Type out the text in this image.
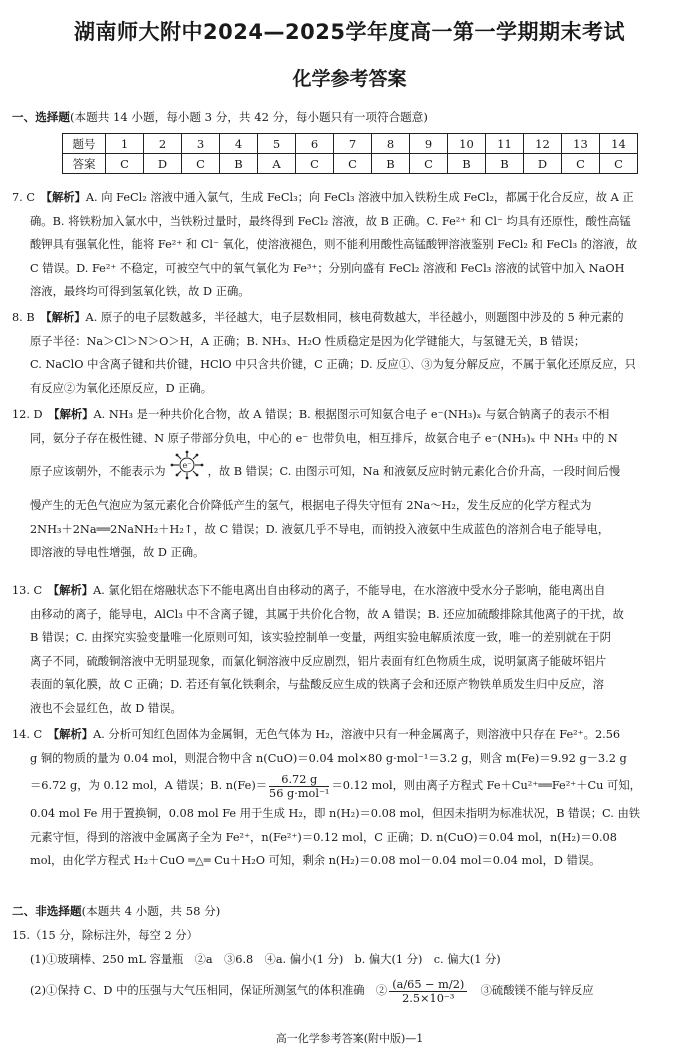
湖南师大附中2024—2025学年度高一第一学期期末考试
化学参考答案
一、选择题(本题共 14 小题，每小题 3 分，共 42 分，每小题只有一项符合题意)
题号	1	2	3	4	5	6	7	8	9	10	11	12	13	14
答案	C	D	C	B	A	C	C	B	C	B	B	D	C	C

7. C　 【解析】A. 向 FeCl₂ 溶液中通入氯气，生成 FeCl₃；向 FeCl₃ 溶液中加入铁粉生成 FeCl₂，都属于化合反应，故 A 正

确。B. 将铁粉加入氯水中，当铁粉过量时，最终得到 FeCl₂ 溶液，故 B 正确。C. Fe²⁺ 和 Cl⁻ 均具有还原性，酸性高锰

酸钾具有强氧化性，能将 Fe²⁺ 和 Cl⁻ 氧化，使溶液褪色，则不能利用酸性高锰酸钾溶液鉴别 FeCl₂ 和 FeCl₃ 的溶液，故

C 错误。D. Fe²⁺ 不稳定，可被空气中的氧气氧化为 Fe³⁺；分别向盛有 FeCl₂ 溶液和 FeCl₃ 溶液的试管中加入 NaOH

溶液，最终均可得到氢氧化铁，故 D 正确。

8. B　 【解析】A. 原子的电子层数越多，半径越大，电子层数相同，核电荷数越大，半径越小，则题图中涉及的 5 种元素的

原子半径：Na＞Cl＞N＞O＞H，A 正确；B. NH₃、H₂O 性质稳定是因为化学键能大，与氢键无关，B 错误；

C. NaClO 中含离子键和共价键，HClO 中只含共价键，C 正确；D. 反应①、③为复分解反应，不属于氧化还原反应，只

有反应②为氧化还原反应，D 正确。

12. D　 【解析】A. NH₃ 是一种共价化合物，故 A 错误；B. 根据图示可知氨合电子 e⁻(NH₃)ₓ 与氨合钠离子的表示不相

同，氨分子存在极性键、N 原子带部分负电，中心的 e⁻ 也带负电，相互排斥，故氨合电子 e⁻(NH₃)ₓ 中 NH₃ 中的 N

原子应该朝外，不能表示为 e⁻ ，故 B 错误；C. 由图示可知，Na 和液氨反应时钠元素化合价升高，一段时间后慢

慢产生的无色气泡应为氢元素化合价降低产生的氢气，根据电子得失守恒有 2Na～H₂，发生反应的化学方程式为

2NH₃＋2Na══2NaNH₂＋H₂↑，故 C 错误；D. 液氨几乎不导电，而钠投入液氨中生成蓝色的溶剂合电子能导电，

即溶液的导电性增强，故 D 正确。

13. C　 【解析】A. 氯化铝在熔融状态下不能电离出自由移动的离子，不能导电，在水溶液中受水分子影响，能电离出自

由移动的离子，能导电，AlCl₃ 中不含离子键，其属于共价化合物，故 A 错误；B. 还应加硫酸排除其他离子的干扰，故

B 错误；C. 由探究实验变量唯一化原则可知，该实验控制单一变量，两组实验电解质浓度一致，唯一的差别就在于阴

离子不同，硫酸铜溶液中无明显现象，而氯化铜溶液中反应剧烈，铝片表面有红色物质生成，说明氯离子能破坏铝片

表面的氧化膜，故 C 正确；D. 若还有氧化铁剩余，与盐酸反应生成的铁离子会和还原产物铁单质发生归中反应，溶

液也不会显红色，故 D 错误。

14. C　 【解析】A. 分析可知红色固体为金属铜，无色气体为 H₂，溶液中只有一种金属离子，则溶液中只存在 Fe²⁺。2.56

g 铜的物质的量为 0.04 mol，则混合物中含 n(CuO)＝0.04 mol×80 g·mol⁻¹＝3.2 g，则含 m(Fe)＝9.92 g－3.2 g

＝6.72 g，为 0.12 mol，A 错误；B. $n(Fe)= \frac{6.72 g}{\text{56 g·mol⁻¹}} =0.12$ mol，则由离子方程式 Fe＋Cu²⁺══Fe²⁺＋Cu 可知，

0.04 mol Fe 用于置换铜，0.08 mol Fe 用于生成 H₂，即 n(H₂)＝0.08 mol，但因未指明为标准状况，B 错误；C. 由铁

元素守恒，得到的溶液中金属离子全为 Fe²⁺，n(Fe²⁺)＝0.12 mol，C 正确；D. n(CuO)＝0.04 mol，n(H₂)＝0.08

mol，由化学方程式 H₂＋CuO ═△═ Cu＋H₂O 可知，剩余 n(H₂)＝0.08 mol－0.04 mol＝0.04 mol，D 错误。

二、非选择题(本题共 4 小题，共 58 分)

15.（15 分，除标注外，每空 2 分）

(1)①玻璃棒、250 mL 容量瓶　②a　③6.8　④a. 偏小(1 分)　b. 偏大(1 分)　c. 偏大(1 分)

(2)①保持 C、D 中的压强与大气压相同，保证所测氢气的体积准确　② $\frac{(a/65 - m/2)}{\text{2.5×10⁻³}}$ 　③硫酸镁不能与锌反应

高一化学参考答案(附中版)—1
